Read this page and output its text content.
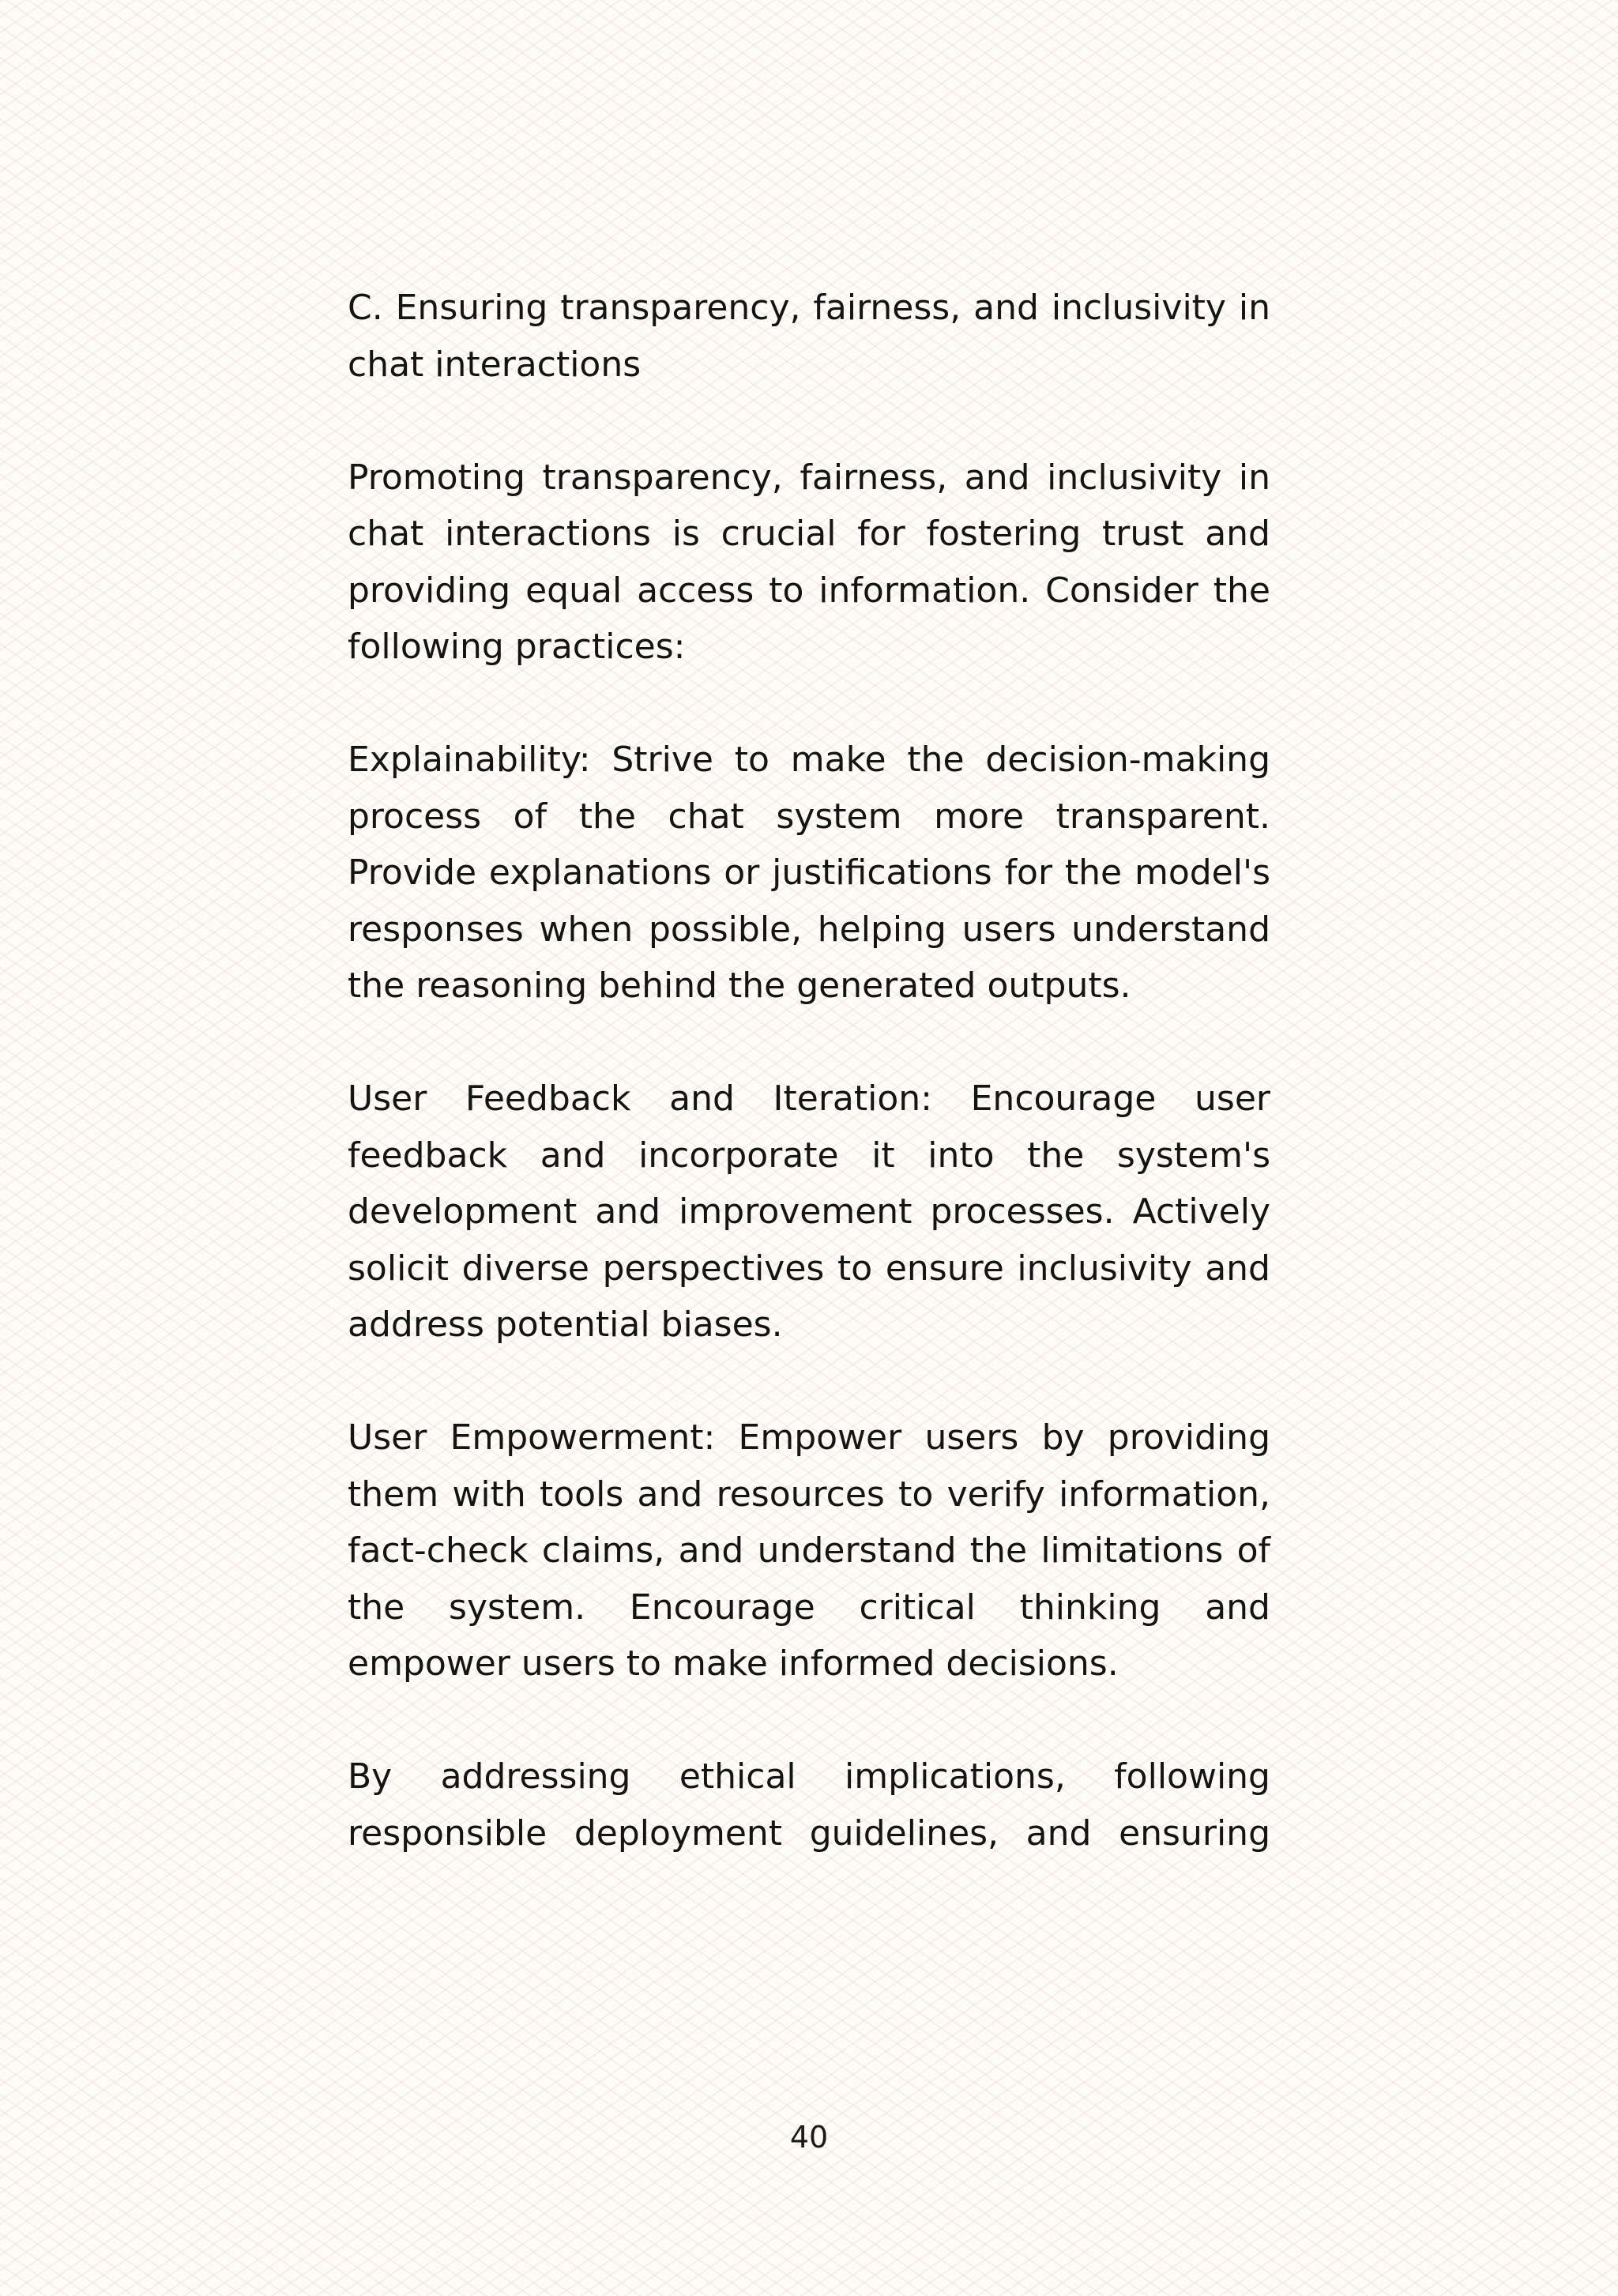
C. Ensuring transparency, fairness, and inclusivity in chat interactions

Promoting transparency, fairness, and inclusivity in chat interactions is crucial for fostering trust and providing equal access to information. Consider the following practices:

Explainability: Strive to make the decision-making process of the chat system more transparent. Provide explanations or justifications for the model's responses when possible, helping users understand the reasoning behind the generated outputs.

User Feedback and Iteration: Encourage user feedback and incorporate it into the system's development and improvement processes. Actively solicit diverse perspectives to ensure inclusivity and address potential biases.

User Empowerment: Empower users by providing them with tools and resources to verify information, fact-check claims, and understand the limitations of the system. Encourage critical thinking and empower users to make informed decisions.

By addressing ethical implications, following responsible deployment guidelines, and ensuring

40
